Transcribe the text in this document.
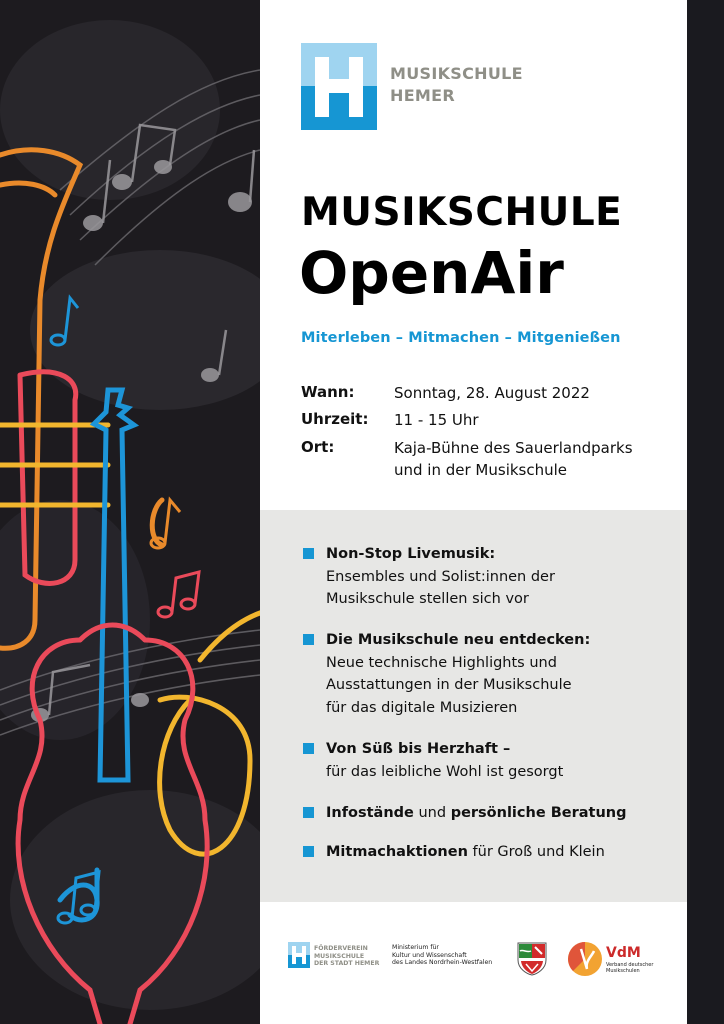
MUSIKSCHULE
HEMER
MUSIKSCHULE
OpenAir
Miterleben – Mitmachen – Mitgenießen
Wann:	Sonntag, 28. August 2022
Uhrzeit: 11 - 15 Uhr
Ort:	Kaja-Bühne des Sauerlandparks
und in der Musikschule
Non-Stop Livemusik:
Ensembles und Solist:innen der
Musikschule stellen sich vor
Die Musikschule neu entdecken:
Neue technische Highlights und
Ausstattungen in der Musikschule
für das digitale Musizieren
Von Süß bis Herzhaft –
für das leibliche Wohl ist gesorgt
Infostände und persönliche Beratung
Mitmachaktionen für Groß und Klein
FÖRDERVEREIN
MUSIKSCHULE
DER STADT HEMER
Ministerium für
Kultur und Wissenschaft
des Landes Nordrhein-Westfalen
VdM
Verband deutscher
Musikschulen
